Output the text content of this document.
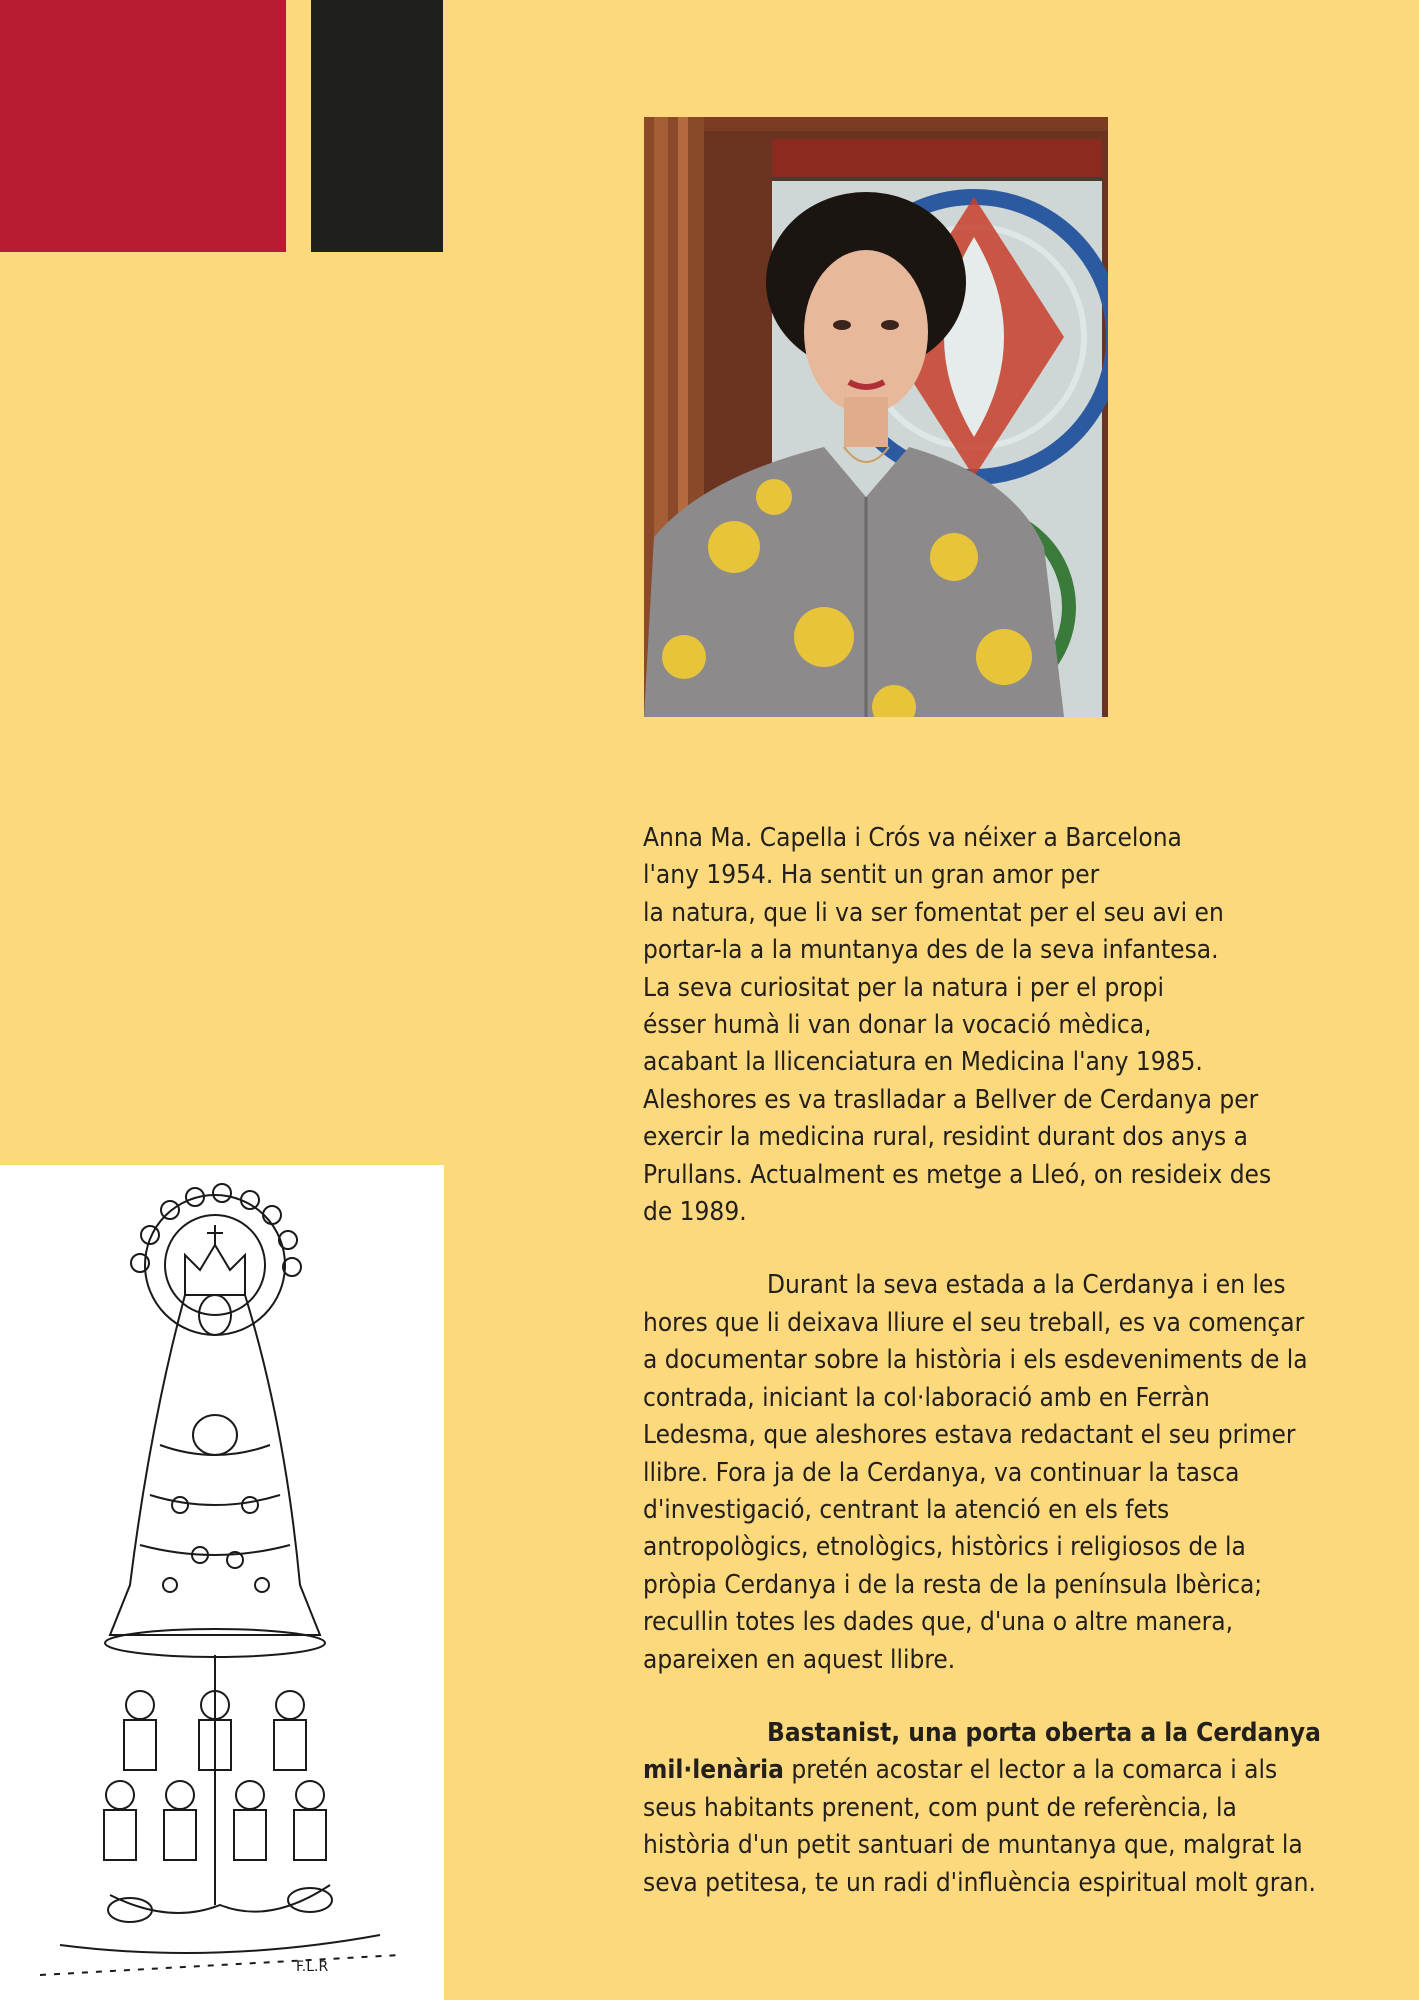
F.L.R

Anna Ma. Capella i Crós va néixer a Barcelona
l'any 1954. Ha sentit un gran amor per
la natura, que li va ser fomentat per el seu avi en
portar-la a la muntanya des de la seva infantesa.
La seva curiositat per la natura i per el propi
ésser humà li van donar la vocació mèdica,
acabant la llicenciatura en Medicina l'any 1985.
Aleshores es va traslladar a Bellver de Cerdanya per
exercir la medicina rural, residint durant dos anys a
Prullans. Actualment es metge a Lleó, on resideix des
de 1989.

Durant la seva estada a la Cerdanya i en les
hores que li deixava lliure el seu treball, es va començar
a documentar sobre la història i els esdeveniments de la
contrada, iniciant la col·laboració amb en Ferràn
Ledesma, que aleshores estava redactant el seu primer
llibre. Fora ja de la Cerdanya, va continuar la tasca
d'investigació, centrant la atenció en els fets
antropològics, etnològics, històrics i religiosos de la
pròpia Cerdanya i de la resta de la península Ibèrica;
recullin totes les dades que, d'una o altre manera,
apareixen en aquest llibre.

Bastanist, una porta oberta a la Cerdanya
mil·lenària pretén acostar el lector a la comarca i als
seus habitants prenent, com punt de referència, la
història d'un petit santuari de muntanya que, malgrat la
seva petitesa, te un radi d'influència espiritual molt gran.
